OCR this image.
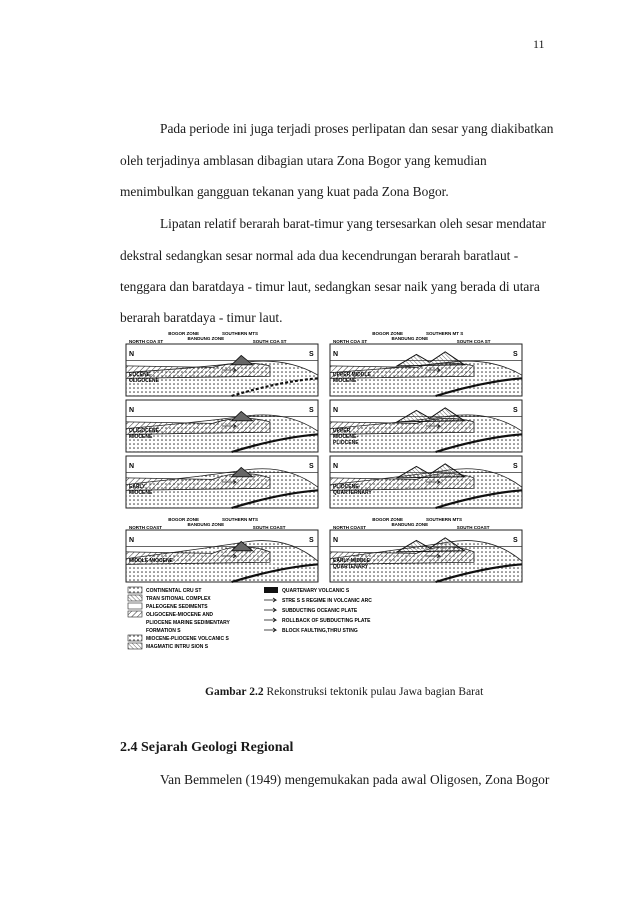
11
Pada periode ini juga terjadi proses perlipatan dan sesar yang diakibatkan
oleh terjadinya amblasan dibagian utara Zona Bogor yang kemudian
menimbulkan gangguan tekanan yang kuat pada Zona Bogor.
Lipatan relatif berarah barat-timur yang tersesarkan oleh sesar mendatar
dekstral sedangkan sesar normal ada dua kecendrungan berarah baratlaut -
tenggara dan baratdaya - timur laut, sedangkan sesar naik yang berada di utara
berarah baratdaya - timur laut.
BOGOR ZONE	SOUTHERN MTS
BANDUNG ZONE
NORTH COA ST	SOUTH COA ST
N	S
EOCENE-
OLIGOCENE
N	S
OLIGOCENE-
MIOCENE
N	S
EARLY
MIOCENE
BOGOR ZONE	SOUTHERN MTS
BANDUNG ZONE
NORTH COAST	SOUTH COAST
N	S
MIDDLE MIOCENE
BOGOR ZONE	SOUTHERN MT S
BANDUNG ZONE
NORTH COA ST	SOUTH COA ST
N	S
UPPER MIDDLE
MIOCENE
N	S
UPPER
MIOCENE-
PLIOCENE
N	S
PLIOCENE-
QUARTERNARY
BOGOR ZONE	SOUTHERN MTS
BANDUNG ZONE
NORTH COAST	SOUTH COAST
N	S
EARLY MIDDLE
QUARTENARY
CONTINENTAL CRU ST
TRAN SITIONAL COMPLEX
PALEOGENE SEDIMENTS
OLIGOCENE-MIOCENE AND
PLIOCENE MARINE SEDIMENTARY
FORMATION S
MIOCENE-PLIOCENE VOLCANIC S
MAGMATIC INTRU SION S
QUARTENARY VOLCANIC S
STRE S S REGIME IN VOLCANIC ARC
SUBDUCTING OCEANIC PLATE
ROLLBACK OF SUBDUCTING PLATE
BLOCK FAULTING,THRU STING
Gambar 2.2 Rekonstruksi tektonik pulau Jawa bagian Barat
2.4 Sejarah Geologi Regional
Van Bemmelen (1949) mengemukakan pada awal Oligosen, Zona Bogor
